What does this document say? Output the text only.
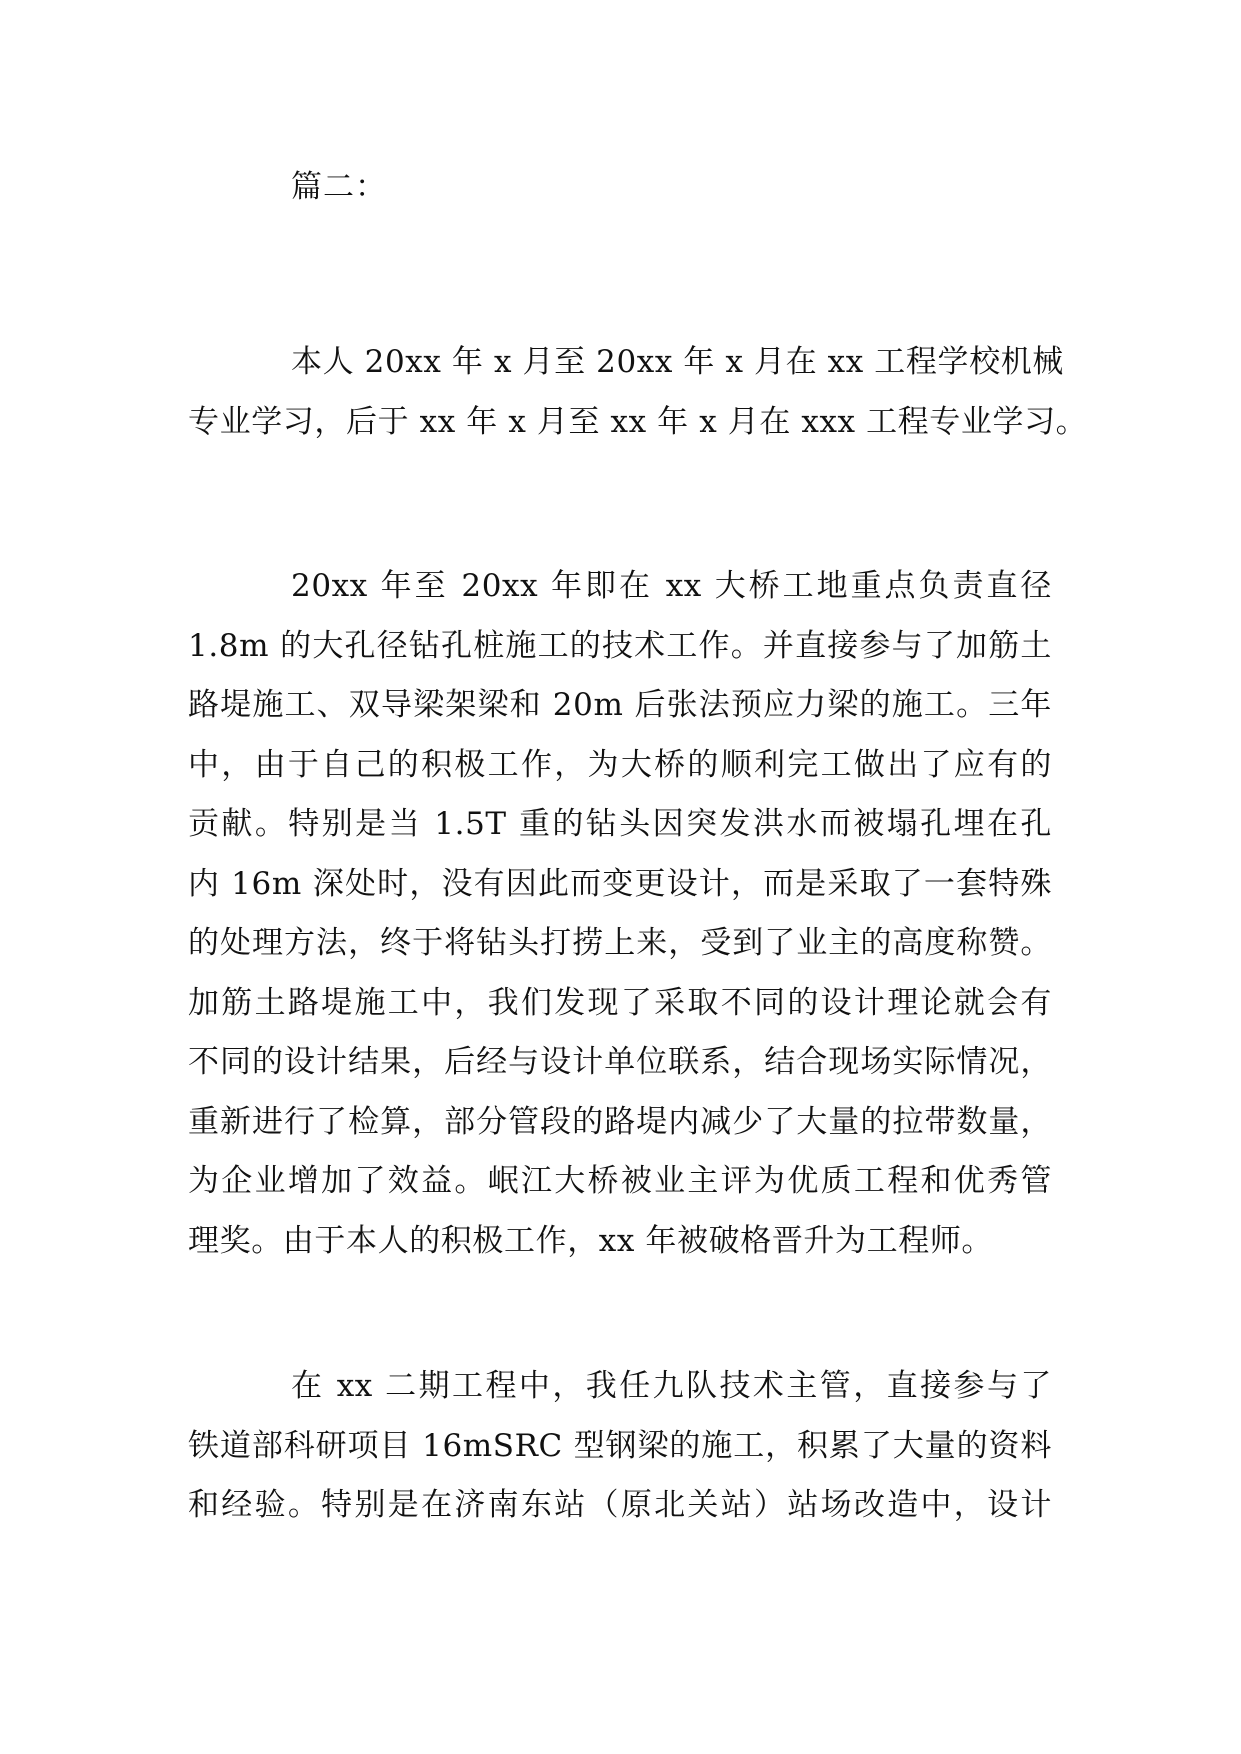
篇二：
本人 20xx 年 x 月至 20xx 年 x 月在 xx 工程学校机械
专业学习，后于 xx 年 x 月至 xx 年 x 月在 xxx 工程专业学习。
20xx 年至 20xx 年即在 xx 大桥工地重点负责直径
1.8m 的大孔径钻孔桩施工的技术工作。并直接参与了加筋土
路堤施工、双导梁架梁和 20m 后张法预应力梁的施工。三年
中，由于自己的积极工作，为大桥的顺利完工做出了应有的
贡献。特别是当 1.5T 重的钻头因突发洪水而被塌孔埋在孔
内 16m 深处时，没有因此而变更设计，而是采取了一套特殊
的处理方法，终于将钻头打捞上来，受到了业主的高度称赞。
加筋土路堤施工中，我们发现了采取不同的设计理论就会有
不同的设计结果，后经与设计单位联系，结合现场实际情况，
重新进行了检算，部分管段的路堤内减少了大量的拉带数量，
为企业增加了效益。岷江大桥被业主评为优质工程和优秀管
理奖。由于本人的积极工作，xx 年被破格晋升为工程师。
在 xx 二期工程中，我任九队技术主管，直接参与了
铁道部科研项目 16mSRC 型钢梁的施工，积累了大量的资料
和经验。特别是在济南东站（原北关站）站场改造中，设计
